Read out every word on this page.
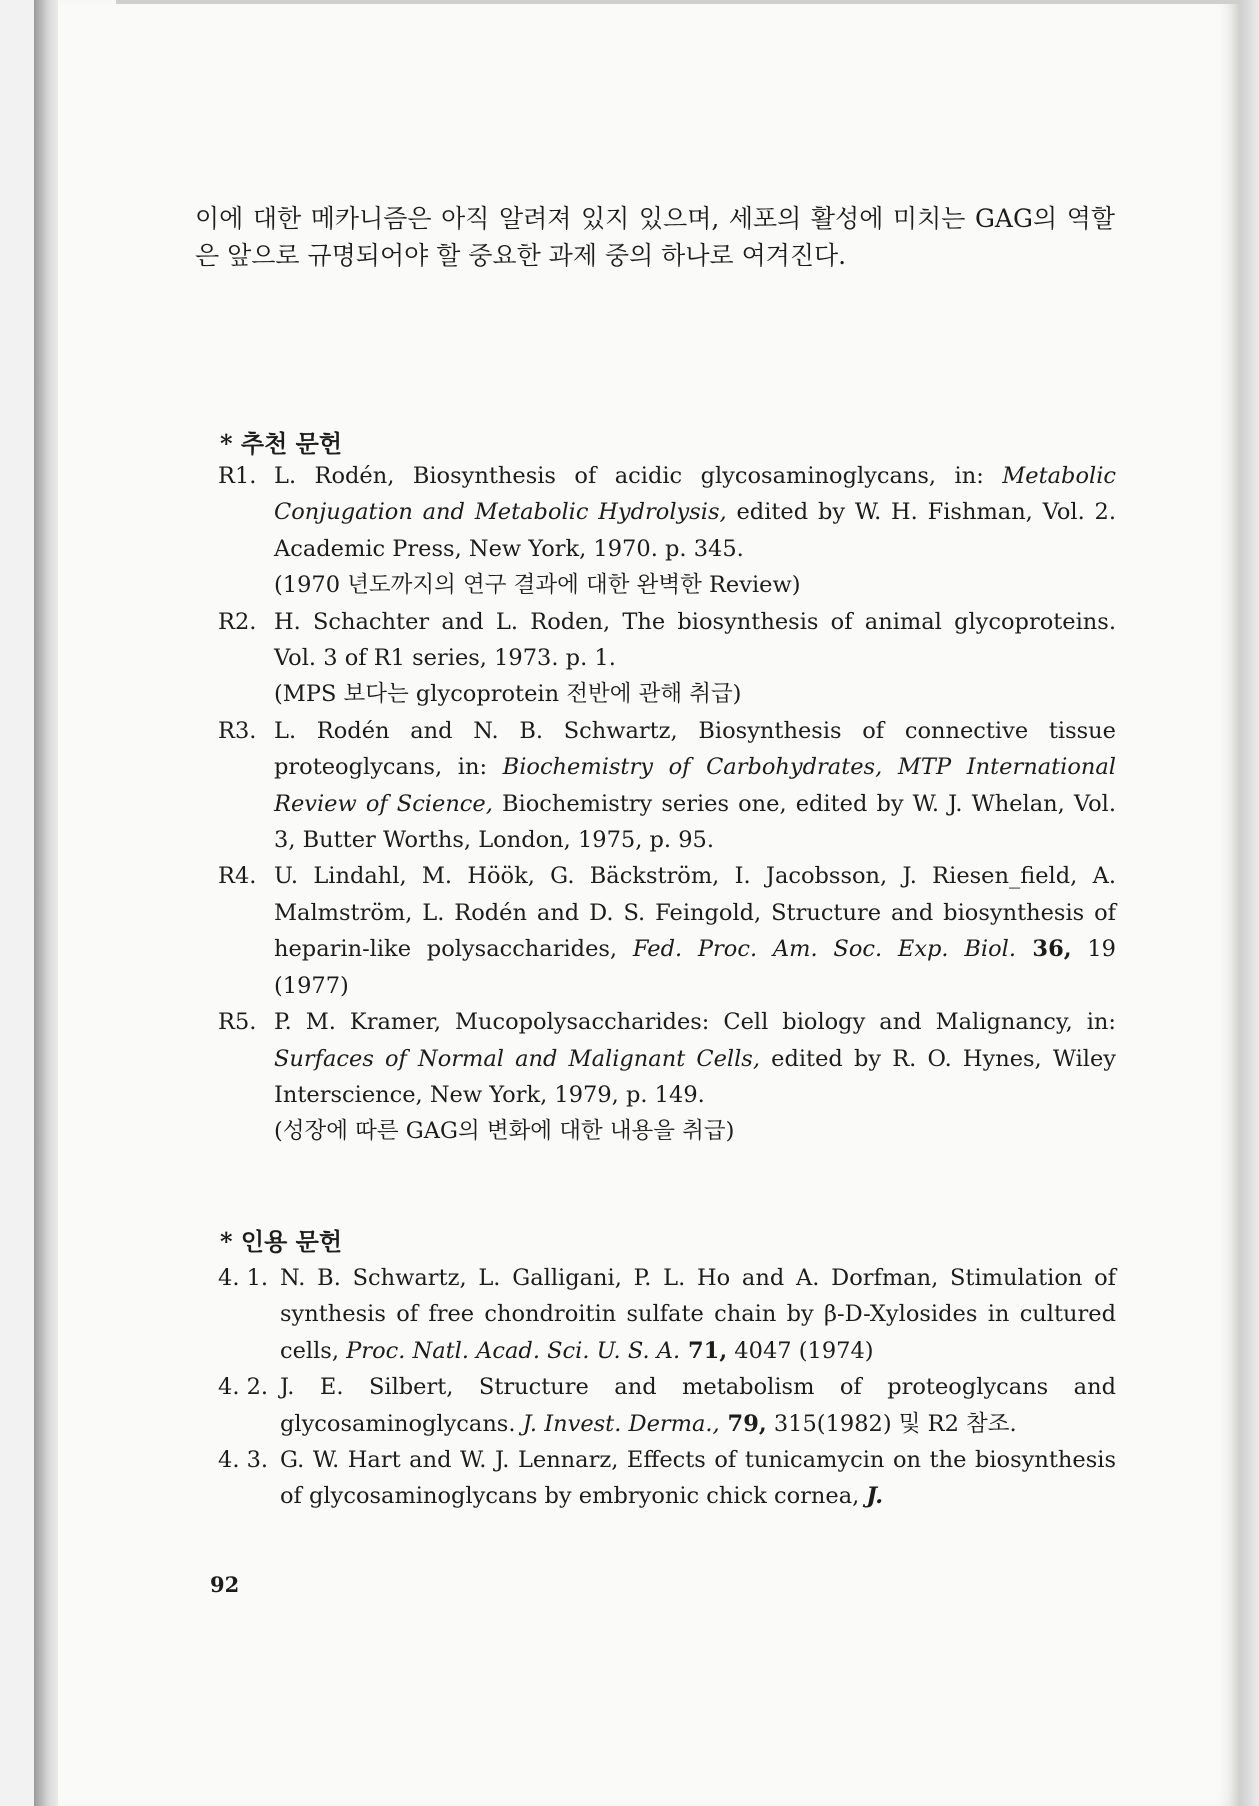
이에 대한 메카니즘은 아직 알려져 있지 있으며, 세포의 활성에 미치는 GAG의 역할은 앞으로 규명되어야 할 중요한 과제 중의 하나로 여겨진다.

* 추천 문헌
R1. L. Rodén, Biosynthesis of acidic glycosaminoglycans, in: Metabolic Conjugation and Metabolic Hydrolysis, edited by W. H. Fishman, Vol. 2. Academic Press, New York, 1970. p. 345.
(1970 년도까지의 연구 결과에 대한 완벽한 Review)
R2. H. Schachter and L. Roden, The biosynthesis of animal glycoproteins. Vol. 3 of R1 series, 1973. p. 1.
(MPS 보다는 glycoprotein 전반에 관해 취급)
R3. L. Rodén and N. B. Schwartz, Biosynthesis of connective tissue proteoglycans, in: Biochemistry of Carbohydrates, MTP International Review of Science, Biochemistry series one, edited by W. J. Whelan, Vol. 3, Butter Worths, London, 1975, p. 95.
R4. U. Lindahl, M. Höök, G. Bäckström, I. Jacobsson, J. Riesen_field, A. Malmström, L. Rodén and D. S. Feingold, Structure and biosynthesis of heparin-like polysaccharides, Fed. Proc. Am. Soc. Exp. Biol. 36, 19 (1977)
R5. P. M. Kramer, Mucopolysaccharides: Cell biology and Malignancy, in: Surfaces of Normal and Malignant Cells, edited by R. O. Hynes, Wiley Interscience, New York, 1979, p. 149.
(성장에 따른 GAG의 변화에 대한 내용을 취급)
* 인용 문헌
4. 1. N. B. Schwartz, L. Galligani, P. L. Ho and A. Dorfman, Stimulation of synthesis of free chondroitin sulfate chain by β-D-Xylosides in cultured cells, Proc. Natl. Acad. Sci. U. S. A. 71, 4047 (1974)
4. 2. J. E. Silbert, Structure and metabolism of proteoglycans and glycosaminoglycans. J. Invest. Derma., 79, 315(1982) 및 R2 참조.
4. 3. G. W. Hart and W. J. Lennarz, Effects of tunicamycin on the biosynthesis of glycosaminoglycans by embryonic chick cornea, J.
92
